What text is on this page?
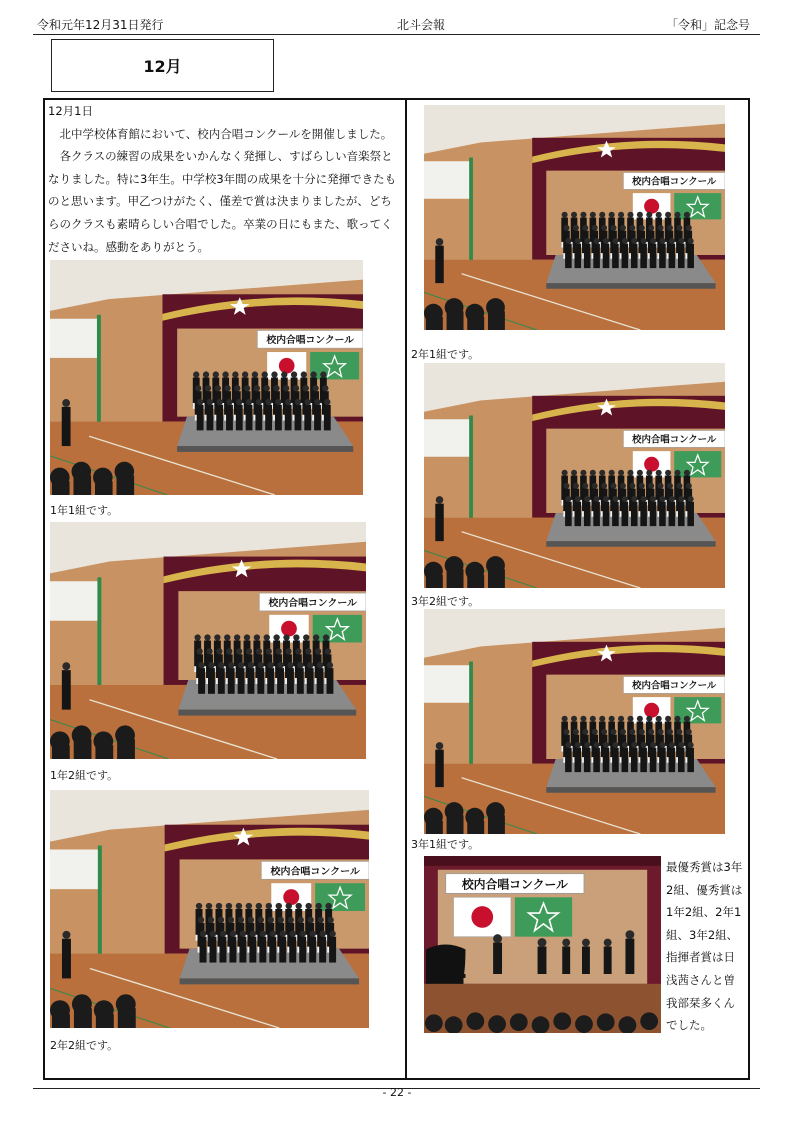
令和元年12月31日発行	北斗会報	「令和」記念号
12月
12月1日
北中学校体育館において、校内合唱コンクールを開催しました。
各クラスの練習の成果をいかんなく発揮し、すばらしい音楽祭となりました。特に3年生。中学校3年間の成果を十分に発揮できたものと思います。甲乙つけがたく、僅差で賞は決まりましたが、どちらのクラスも素晴らしい合唱でした。卒業の日にもまた、歌ってくださいね。感動をありがとう。
校内合唱コンクール
1年1組です。
校内合唱コンクール
1年2組です。
校内合唱コンクール
2年2組です。
校内合唱コンクール
2年1組です。
校内合唱コンクール
3年2組です。
校内合唱コンクール
3年1組です。
校内合唱コンクール
最優秀賞は3年2組、優秀賞は1年2組、2年1組、3年2組、指揮者賞は日浅茜さんと曽我部栞多くんでした。
- 22 -
